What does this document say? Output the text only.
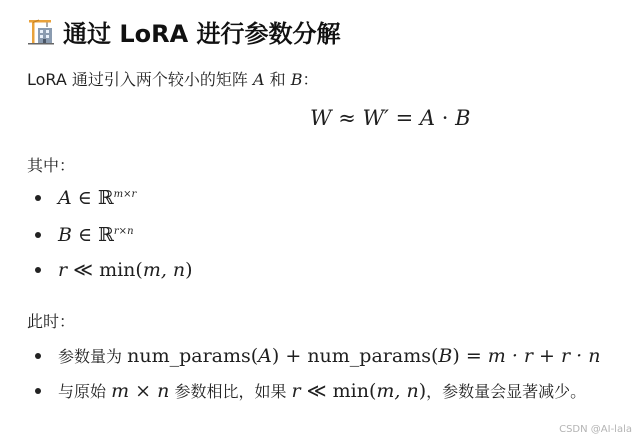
通过 LoRA 进行参数分解
LoRA 通过引入两个较小的矩阵 A 和 B：
W ≈ W′ = A · B
其中：
A ∈ ℝ$^{m\times r}$
B ∈ ℝ$^{r\times n}$
r ≪ min(m, n)
此时：
参数量为 num_params(A) + num_params(B) = m · r + r · n
与原始 m × n 参数相比，如果 r ≪ min(m, n)，参数量会显著减少。
CSDN @AI-lala
